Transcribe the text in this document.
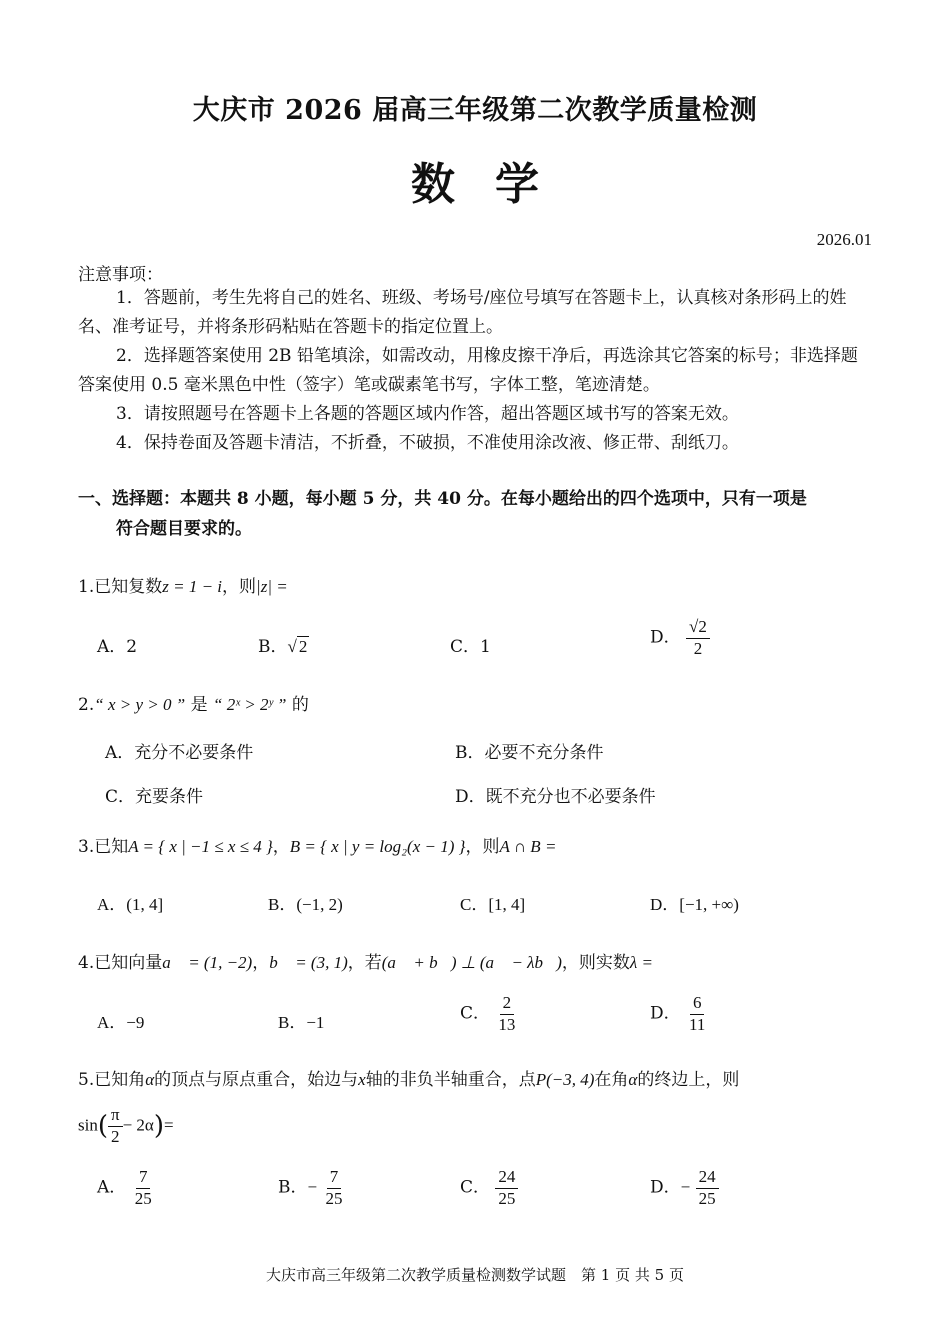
大庆市 2026 届高三年级第二次教学质量检测
数学
2026.01
注意事项：
1．答题前，考生先将自己的姓名、班级、考场号/座位号填写在答题卡上，认真核对条形码上的姓名、准考证号，并将条形码粘贴在答题卡的指定位置上。
2．选择题答案使用 2B 铅笔填涂，如需改动，用橡皮擦干净后，再选涂其它答案的标号；非选择题答案使用 0.5 毫米黑色中性（签字）笔或碳素笔书写，字体工整，笔迹清楚。
3．请按照题号在答题卡上各题的答题区域内作答，超出答题区域书写的答案无效。
4．保持卷面及答题卡清洁，不折叠，不破损，不准使用涂改液、修正带、刮纸刀。
一、选择题：本题共 8 小题，每小题 5 分，共 40 分。在每小题给出的四个选项中，只有一项是
符合题目要求的。
1.已知复数z = 1 − i，则|z| =
A．2	B．√ 2	C．1	D． $\frac{√2}{2}$
2.“ x > y > 0 ” 是 “ 2ˣ > 2ʸ ” 的
A．充分不必要条件	B．必要不充分条件
C．充要条件	D．既不充分也不必要条件
3.已知A = { x | −1 ≤ x ≤ 4 }，B = { x | y = log₂(x − 1) }，则A ∩ B =
A．(1, 4]	B．(−1, 2)	C．[1, 4]	D．[−1, +∞)
4.已知向量a⃗ = (1, −2)，b⃗ = (3, 1)，若(a⃗ + b⃗) ⊥ (a⃗ − λb⃗)，则实数λ =
A．−9	B．−1	C． $\frac{2}{13}$	D． $\frac{6}{11}$
5.已知角α的顶点与原点重合，始边与x轴的非负半轴重合，点P(−3, 4)在角α的终边上，则
$\sin( \frac{\pi}{2} - 2\alpha)=$
A． $\frac{7}{25}$	B．− $\frac{7}{25}$	C． $\frac{24}{25}$	D．− $\frac{24}{25}$
大庆市高三年级第二次教学质量检测数学试题　第 1 页 共 5 页
